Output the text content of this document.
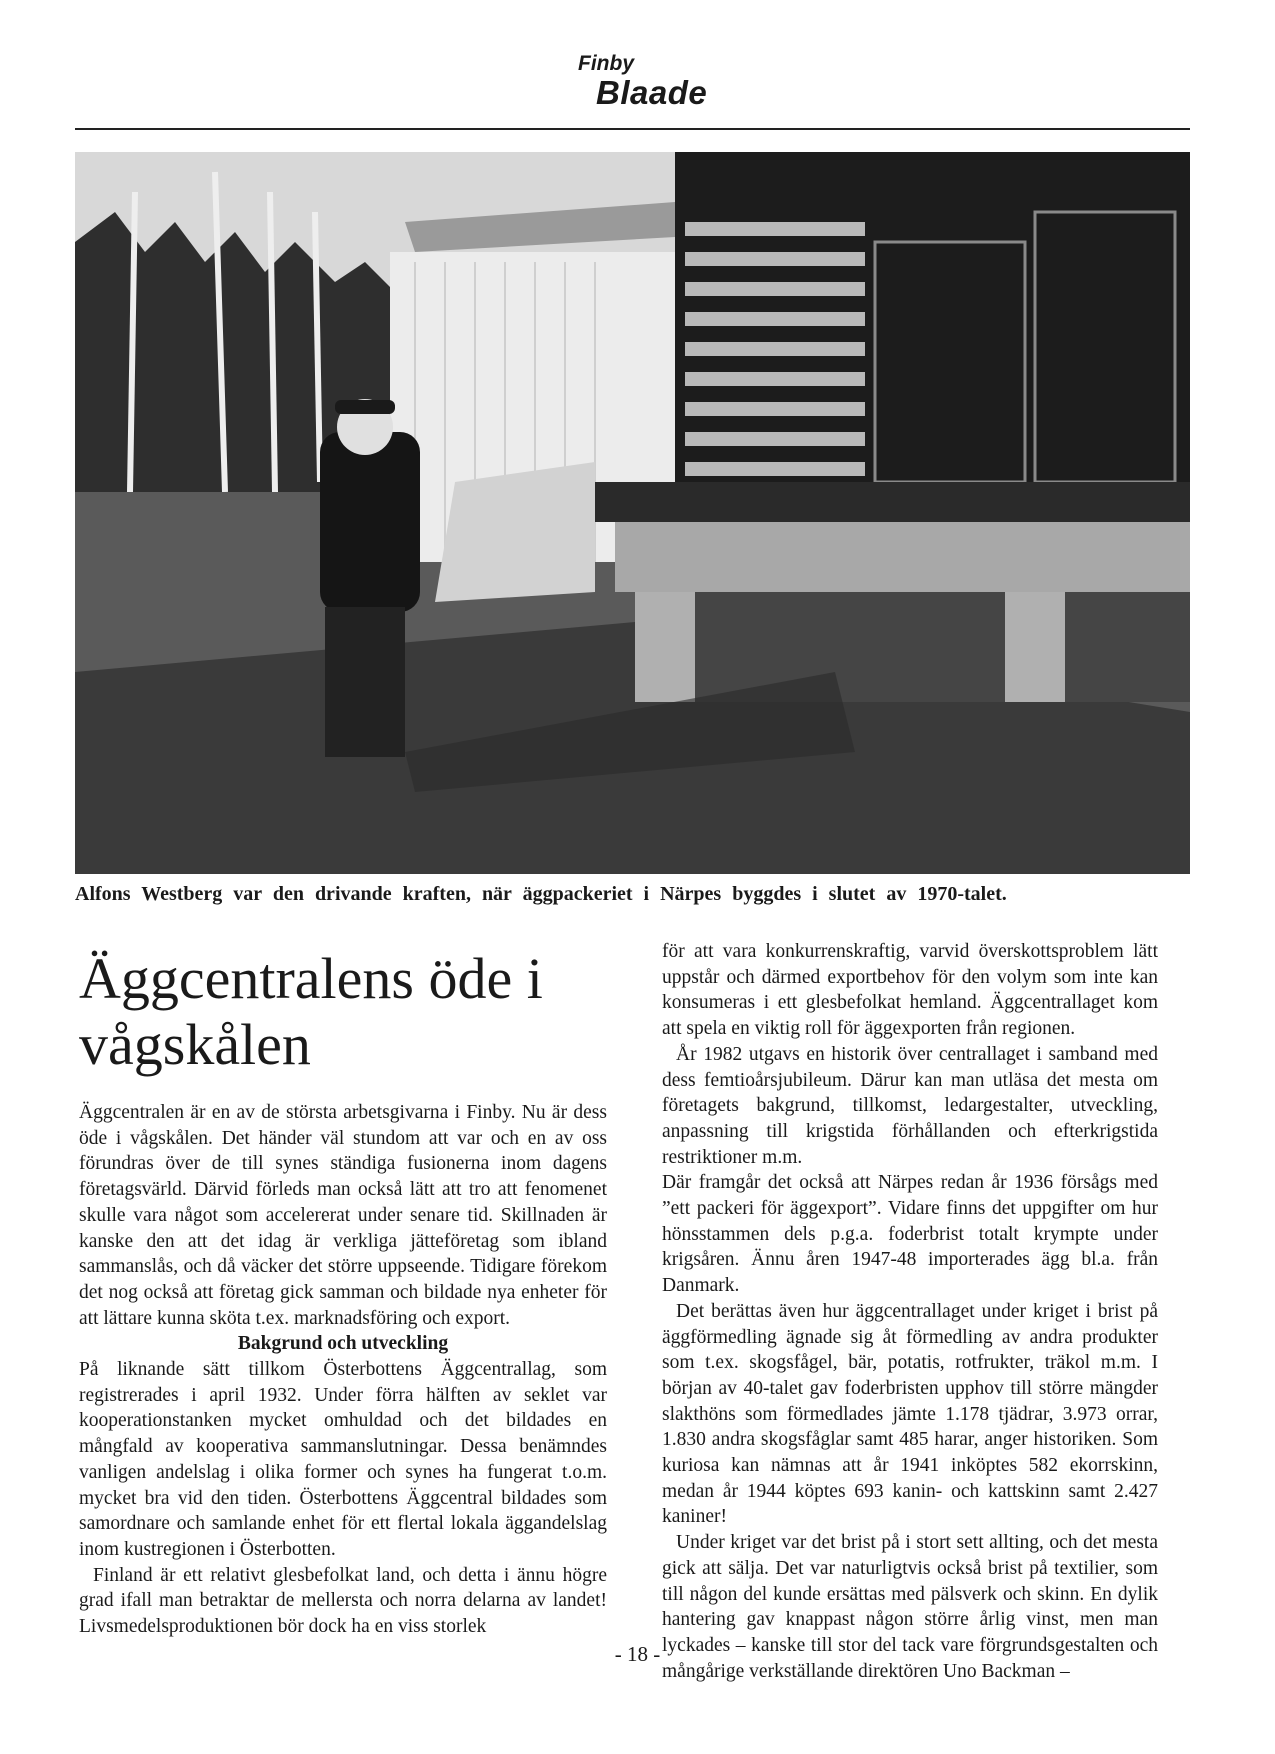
Finby
Blaade
Alfons Westberg var den drivande kraften, när äggpackeriet i Närpes byggdes i slutet av 1970-talet.
Äggcentralens öde i vågskålen

Äggcentralen är en av de största arbetsgivarna i Finby. Nu är dess öde i vågskålen. Det händer väl stundom att var och en av oss förundras över de till synes ständiga fusionerna inom dagens företagsvärld. Därvid förleds man också lätt att tro att fenomenet skulle vara något som accelererat under senare tid. Skillnaden är kanske den att det idag är verkliga jätteföretag som ibland sammanslås, och då väcker det större uppseende. Tidigare förekom det nog också att företag gick samman och bildade nya enheter för att lättare kunna sköta t.ex. marknadsföring och export.

Bakgrund och utveckling

På liknande sätt tillkom Österbottens Äggcentrallag, som registrerades i april 1932. Under förra hälften av seklet var kooperationstanken mycket omhuldad och det bildades en mångfald av kooperativa sammanslutningar. Dessa benämndes vanligen andelslag i olika former och synes ha fungerat t.o.m. mycket bra vid den tiden. Österbottens Äggcentral bildades som samordnare och samlande enhet för ett flertal lokala äggandelslag inom kustregionen i Österbotten.

Finland är ett relativt glesbefolkat land, och detta i ännu högre grad ifall man betraktar de mellersta och norra delarna av landet! Livsmedelsproduktionen bör dock ha en viss storlek

för att vara konkurrenskraftig, varvid överskottsproblem lätt uppstår och därmed exportbehov för den volym som inte kan konsumeras i ett glesbefolkat hemland. Äggcentrallaget kom att spela en viktig roll för äggexporten från regionen.

År 1982 utgavs en historik över centrallaget i samband med dess femtioårsjubileum. Därur kan man utläsa det mesta om företagets bakgrund, tillkomst, ledargestalter, utveckling, anpassning till krigstida förhållanden och efterkrigstida restriktioner m.m.

Där framgår det också att Närpes redan år 1936 försågs med ”ett packeri för äggexport”. Vidare finns det uppgifter om hur hönsstammen dels p.g.a. foderbrist totalt krympte under krigsåren. Ännu åren 1947-48 importerades ägg bl.a. från Danmark.

Det berättas även hur äggcentrallaget under kriget i brist på äggförmedling ägnade sig åt förmedling av andra produkter som t.ex. skogsfågel, bär, potatis, rotfrukter, träkol m.m. I början av 40-talet gav foderbristen upphov till större mängder slakthöns som förmedlades jämte 1.178 tjädrar, 3.973 orrar, 1.830 andra skogsfåglar samt 485 harar, anger historiken. Som kuriosa kan nämnas att år 1941 inköptes 582 ekorrskinn, medan år 1944 köptes 693 kanin- och kattskinn samt 2.427 kaniner!

Under kriget var det brist på i stort sett allting, och det mesta gick att sälja. Det var naturligtvis också brist på textilier, som till någon del kunde ersättas med pälsverk och skinn. En dylik hantering gav knappast någon större årlig vinst, men man lyckades – kanske till stor del tack vare förgrundsgestalten och mångårige verkställande direktören Uno Backman –

- 18 -
